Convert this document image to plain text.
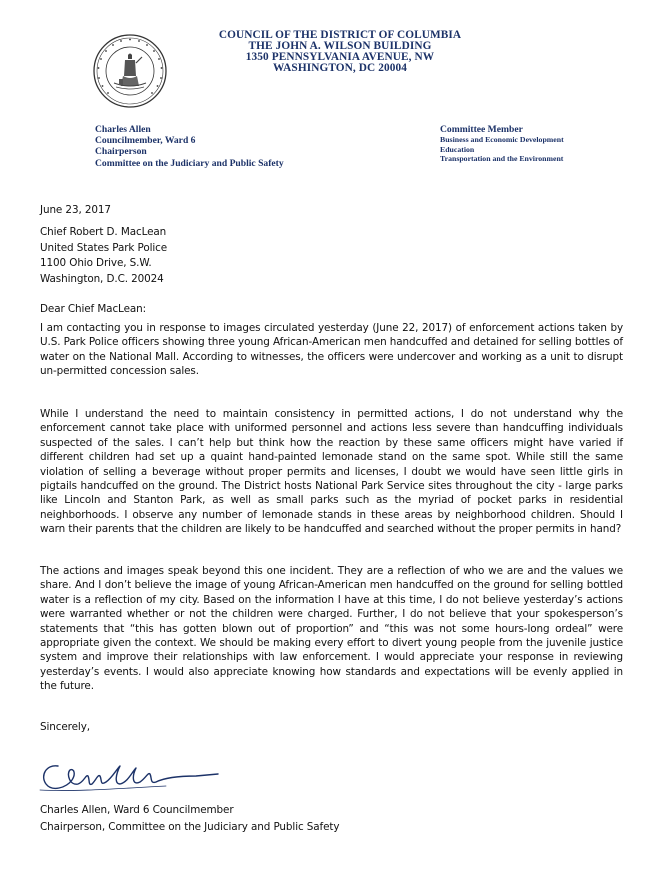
COUNCIL OF THE DISTRICT OF COLUMBIA
THE JOHN A. WILSON BUILDING
1350 PENNSYLVANIA AVENUE, NW
WASHINGTON, DC 20004
Charles Allen
Councilmember, Ward 6
Chairperson
Committee on the Judiciary and Public Safety
Committee Member
Business and Economic Development
Education
Transportation and the Environment
June 23, 2017
Chief Robert D. MacLean
United States Park Police
1100 Ohio Drive, S.W.
Washington, D.C. 20024
Dear Chief MacLean:
I am contacting you in response to images circulated yesterday (June 22, 2017) of enforcement actions taken by U.S. Park Police officers showing three young African-American men handcuffed and detained for selling bottles of water on the National Mall. According to witnesses, the officers were undercover and working as a unit to disrupt un-permitted concession sales.
While I understand the need to maintain consistency in permitted actions, I do not understand why the enforcement cannot take place with uniformed personnel and actions less severe than handcuffing individuals suspected of the sales. I can’t help but think how the reaction by these same officers might have varied if different children had set up a quaint hand-painted lemonade stand on the same spot. While still the same violation of selling a beverage without proper permits and licenses, I doubt we would have seen little girls in pigtails handcuffed on the ground. The District hosts National Park Service sites throughout the city - large parks like Lincoln and Stanton Park, as well as small parks such as the myriad of pocket parks in residential neighborhoods. I observe any number of lemonade stands in these areas by neighborhood children. Should I warn their parents that the children are likely to be handcuffed and searched without the proper permits in hand?
The actions and images speak beyond this one incident. They are a reflection of who we are and the values we share. And I don’t believe the image of young African-American men handcuffed on the ground for selling bottled water is a reflection of my city. Based on the information I have at this time, I do not believe yesterday’s actions were warranted whether or not the children were charged. Further, I do not believe that your spokesperson’s statements that “this has gotten blown out of proportion” and “this was not some hours-long ordeal” were appropriate given the context. We should be making every effort to divert young people from the juvenile justice system and improve their relationships with law enforcement. I would appreciate your response in reviewing yesterday’s events. I would also appreciate knowing how standards and expectations will be evenly applied in the future.
Sincerely,
Charles Allen, Ward 6 Councilmember
Chairperson, Committee on the Judiciary and Public Safety
